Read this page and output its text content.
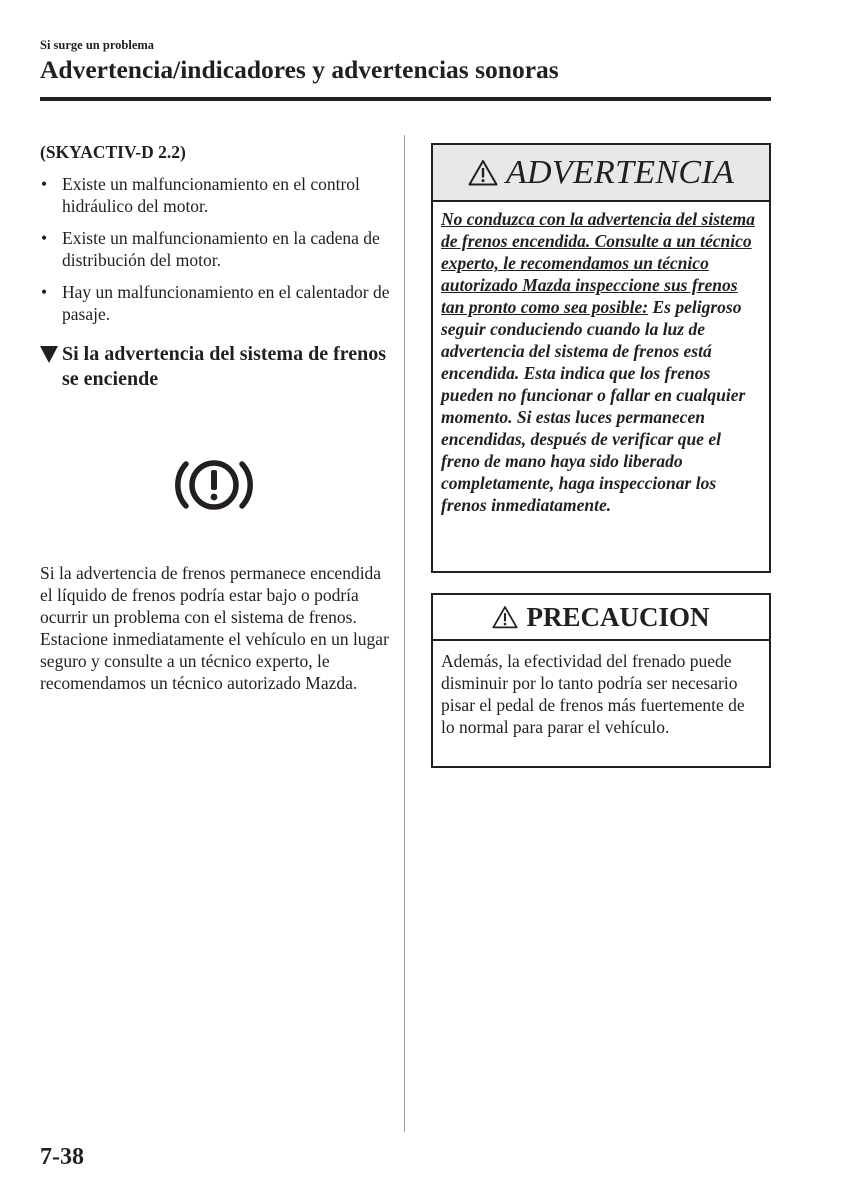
Si surge un problema
Advertencia/indicadores y advertencias sonoras

(SKYACTIV-D 2.2)

• Existe un malfuncionamiento en el control hidráulico del motor.
• Existe un malfuncionamiento en la cadena de distribución del motor.
• Hay un malfuncionamiento en el calentador de pasaje.
Si la advertencia del sistema de frenos se enciende

Si la advertencia de frenos permanece encendida el líquido de frenos podría estar bajo o podría ocurrir un problema con el sistema de frenos. Estacione inmediatamente el vehículo en un lugar seguro y consulte a un técnico experto, le recomendamos un técnico autorizado Mazda.

ADVERTENCIA
No conduzca con la advertencia del sistema de frenos encendida. Consulte a un técnico experto, le recomendamos un técnico autorizado Mazda inspeccione sus frenos tan pronto como sea posible: Es peligroso seguir conduciendo cuando la luz de advertencia del sistema de frenos está encendida. Esta indica que los frenos pueden no funcionar o fallar en cualquier momento. Si estas luces permanecen encendidas, después de verificar que el freno de mano haya sido liberado completamente, haga inspeccionar los frenos inmediatamente.
PRECAUCION
Además, la efectividad del frenado puede disminuir por lo tanto podría ser necesario pisar el pedal de frenos más fuertemente de lo normal para parar el vehículo.
7-38
